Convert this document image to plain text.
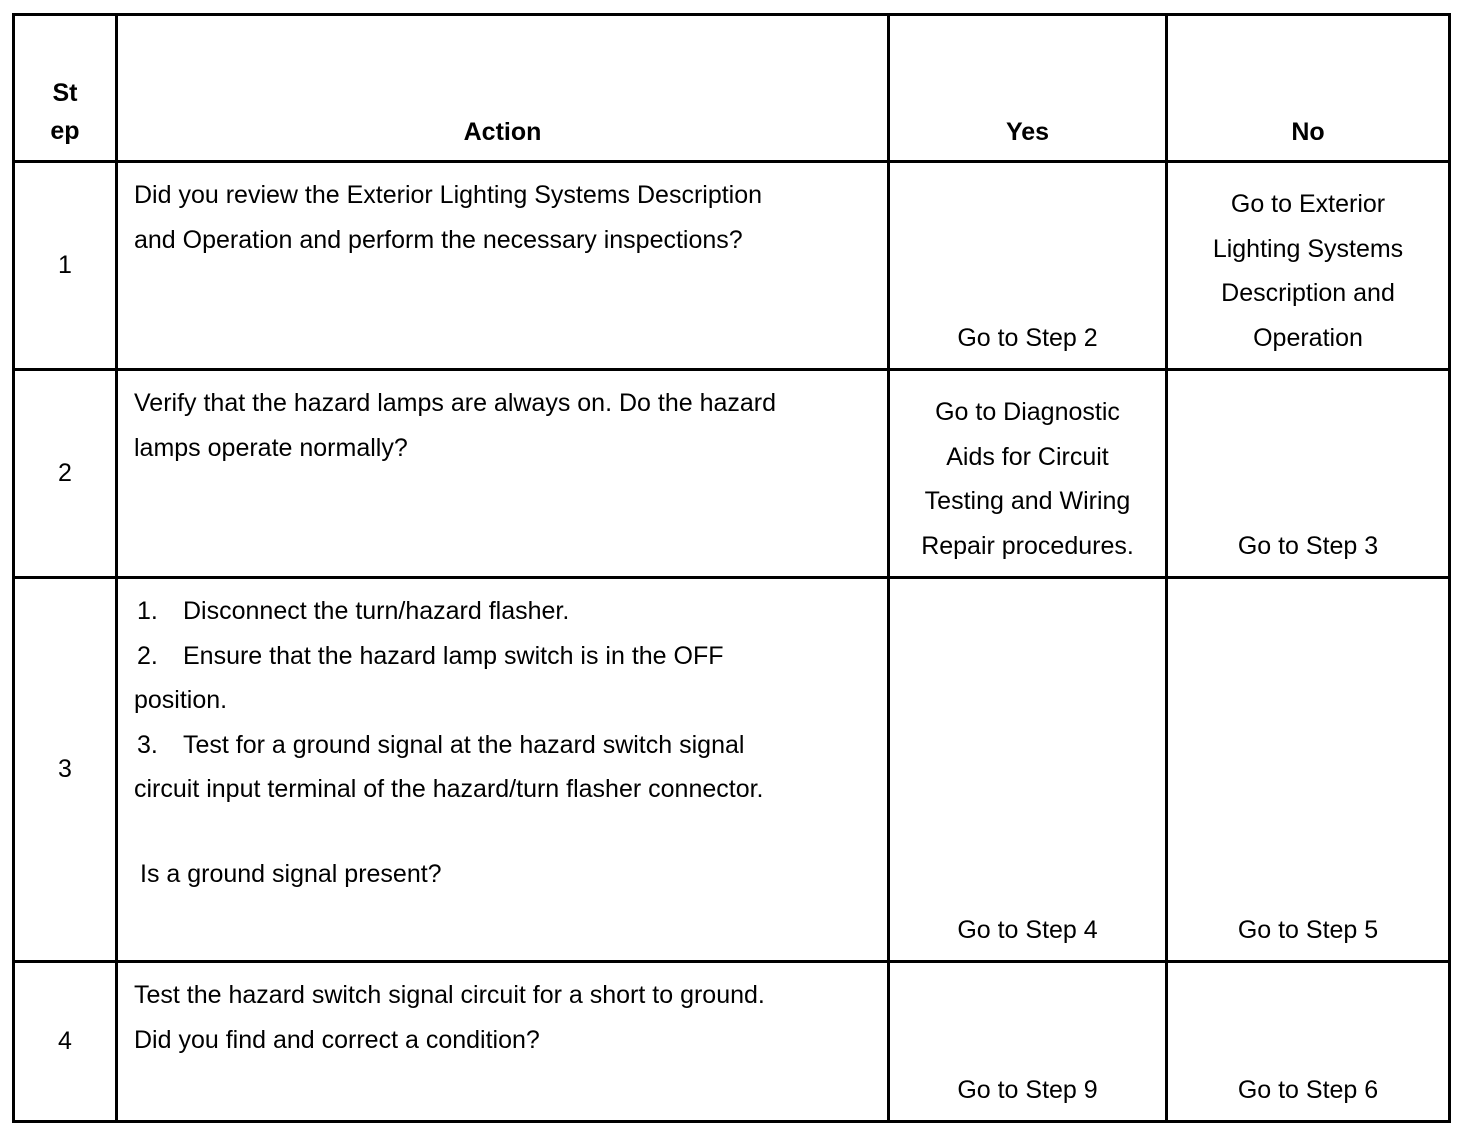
St
ep	Action	Yes	No
1	Did you review the Exterior Lighting Systems Description and Operation and perform the necessary inspections?	Go to Step 2	Go to Exterior
Lighting Systems
Description and
Operation

2	Verify that the hazard lamps are always on. Do the hazard lamps operate normally?	Go to Diagnostic
Aids for Circuit
Testing and Wiring
Repair procedures.	Go to Step 3
3	1. Disconnect the turn/hazard flasher.
2. Ensure that the hazard lamp switch is in the OFF position.
3. Test for a ground signal at the hazard switch signal circuit input terminal of the hazard/turn flasher connector.
Is a ground signal present?	Go to Step 4	Go to Step 5
4	Test the hazard switch signal circuit for a short to ground. Did you find and correct a condition?	Go to Step 9	Go to Step 6
